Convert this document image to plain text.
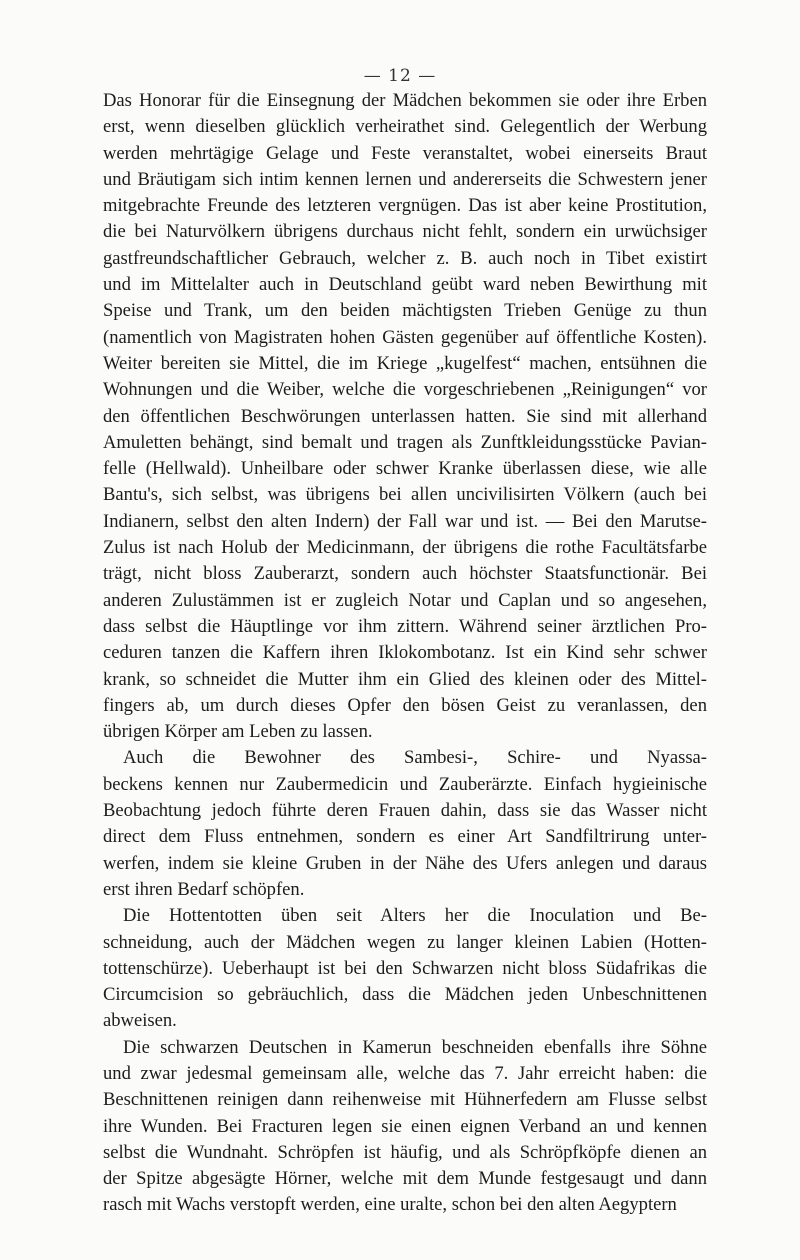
— 12 —
Das Honorar für die Einsegnung der Mädchen bekommen sie oder ihre Erben
erst, wenn dieselben glücklich verheirathet sind. Gelegentlich der Werbung
werden mehrtägige Gelage und Feste veranstaltet, wobei einerseits Braut
und Bräutigam sich intim kennen lernen und andererseits die Schwestern jener
mitgebrachte Freunde des letzteren vergnügen. Das ist aber keine Prostitution,
die bei Naturvölkern übrigens durchaus nicht fehlt, sondern ein urwüchsiger
gastfreundschaftlicher Gebrauch, welcher z. B. auch noch in Tibet existirt
und im Mittelalter auch in Deutschland geübt ward neben Bewirthung mit
Speise und Trank, um den beiden mächtigsten Trieben Genüge zu thun
(namentlich von Magistraten hohen Gästen gegenüber auf öffentliche Kosten).
Weiter bereiten sie Mittel, die im Kriege „kugelfest“ machen, entsühnen die
Wohnungen und die Weiber, welche die vorgeschriebenen „Reinigungen“ vor
den öffentlichen Beschwörungen unterlassen hatten. Sie sind mit allerhand
Amuletten behängt, sind bemalt und tragen als Zunftkleidungsstücke Pavian-
felle (Hellwald). Unheilbare oder schwer Kranke überlassen diese, wie alle
Bantu's, sich selbst, was übrigens bei allen uncivilisirten Völkern (auch bei
Indianern, selbst den alten Indern) der Fall war und ist. — Bei den Marutse-
Zulus ist nach Holub der Medicinmann, der übrigens die rothe Facultätsfarbe
trägt, nicht bloss Zauberarzt, sondern auch höchster Staatsfunctionär. Bei
anderen Zulustämmen ist er zugleich Notar und Caplan und so angesehen,
dass selbst die Häuptlinge vor ihm zittern. Während seiner ärztlichen Pro-
ceduren tanzen die Kaffern ihren Iklokombotanz. Ist ein Kind sehr schwer
krank, so schneidet die Mutter ihm ein Glied des kleinen oder des Mittel-
fingers ab, um durch dieses Opfer den bösen Geist zu veranlassen, den
übrigen Körper am Leben zu lassen.
Auch die Bewohner des Sambesi-, Schire- und Nyassa-
beckens kennen nur Zaubermedicin und Zauberärzte. Einfach hygieinische
Beobachtung jedoch führte deren Frauen dahin, dass sie das Wasser nicht
direct dem Fluss entnehmen, sondern es einer Art Sandfiltrirung unter-
werfen, indem sie kleine Gruben in der Nähe des Ufers anlegen und daraus
erst ihren Bedarf schöpfen.
Die Hottentotten üben seit Alters her die Inoculation und Be-
schneidung, auch der Mädchen wegen zu langer kleinen Labien (Hotten-
tottenschürze). Ueberhaupt ist bei den Schwarzen nicht bloss Südafrikas die
Circumcision so gebräuchlich, dass die Mädchen jeden Unbeschnittenen
abweisen.
Die schwarzen Deutschen in Kamerun beschneiden ebenfalls ihre Söhne
und zwar jedesmal gemeinsam alle, welche das 7. Jahr erreicht haben: die
Beschnittenen reinigen dann reihenweise mit Hühnerfedern am Flusse selbst
ihre Wunden. Bei Fracturen legen sie einen eignen Verband an und kennen
selbst die Wundnaht. Schröpfen ist häufig, und als Schröpfköpfe dienen an
der Spitze abgesägte Hörner, welche mit dem Munde festgesaugt und dann
rasch mit Wachs verstopft werden, eine uralte, schon bei den alten Aegyptern
